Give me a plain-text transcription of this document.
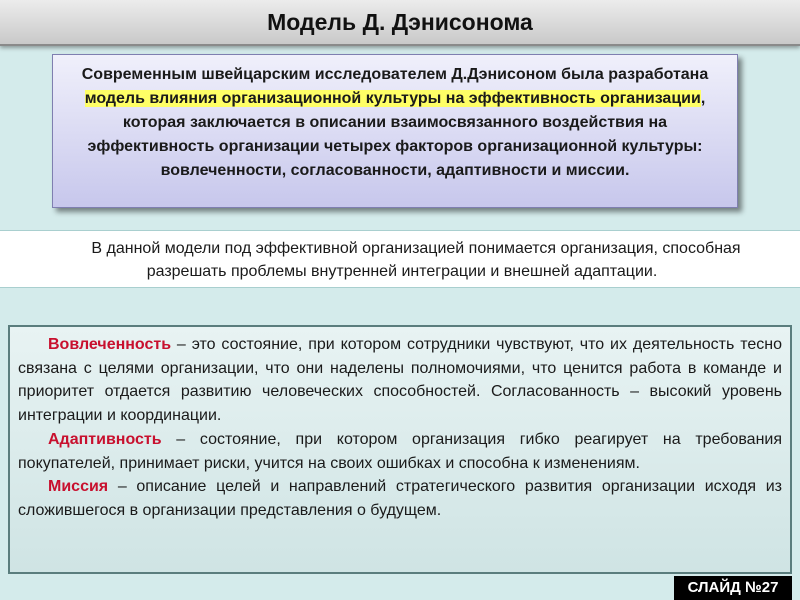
Модель Д. Дэнисонома

Современным швейцарским исследователем Д.Дэнисоном была разработана модель влияния организационной культуры на эффективность организации, которая заключается в описании взаимосвязанного воздействия на эффективность организации четырех факторов организационной культуры: вовлеченности, согласованности, адаптивности и миссии.

В данной модели под эффективной организацией понимается организация, способная разрешать проблемы внутренней интеграции и внешней адаптации.

Вовлеченность – это состояние, при котором сотрудники чувствуют, что их деятельность тесно связана с целями организации, что они наделены полномочиями, что ценится работа в команде и приоритет отдается развитию человеческих способностей. Согласованность – высокий уровень интеграции и координации.

Адаптивность – состояние, при котором организация гибко реагирует на требования покупателей, принимает риски, учится на своих ошибках и способна к изменениям.

Миссия – описание целей и направлений стратегического развития организации исходя из сложившегося в организации представления о будущем.

СЛАЙД №27
